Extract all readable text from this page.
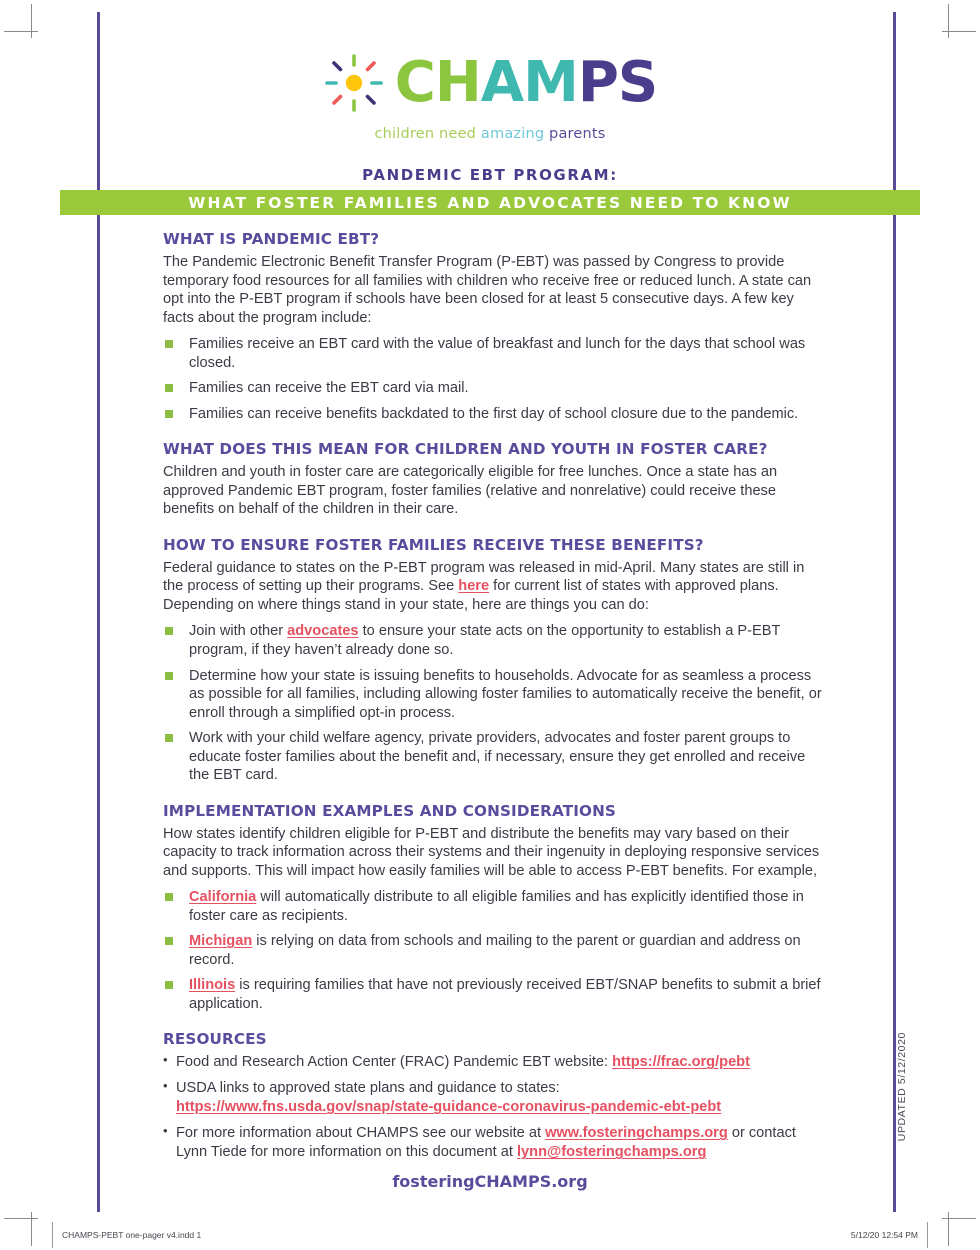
CHAMPS
children need amazing parents
PANDEMIC EBT PROGRAM:
WHAT FOSTER FAMILIES AND ADVOCATES NEED TO KNOW
WHAT IS PANDEMIC EBT?

The Pandemic Electronic Benefit Transfer Program (P-EBT) was passed by Congress to provide temporary food resources for all families with children who receive free or reduced lunch. A state can opt into the P-EBT program if schools have been closed for at least 5 consecutive days. A few key facts about the program include:

Families receive an EBT card with the value of breakfast and lunch for the days that school was closed.
Families can receive the EBT card via mail.
Families can receive benefits backdated to the first day of school closure due to the pandemic.
WHAT DOES THIS MEAN FOR CHILDREN AND YOUTH IN FOSTER CARE?

Children and youth in foster care are categorically eligible for free lunches. Once a state has an approved Pandemic EBT program, foster families (relative and nonrelative) could receive these benefits on behalf of the children in their care.

HOW TO ENSURE FOSTER FAMILIES RECEIVE THESE BENEFITS?

Federal guidance to states on the P-EBT program was released in mid-April. Many states are still in the process of setting up their programs. See here for current list of states with approved plans. Depending on where things stand in your state, here are things you can do:

Join with other advocates to ensure your state acts on the opportunity to establish a P-EBT program, if they haven’t already done so.
Determine how your state is issuing benefits to households. Advocate for as seamless a process as possible for all families, including allowing foster families to automatically receive the benefit, or enroll through a simplified opt-in process.
Work with your child welfare agency, private providers, advocates and foster parent groups to educate foster families about the benefit and, if necessary, ensure they get enrolled and receive the EBT card.
IMPLEMENTATION EXAMPLES AND CONSIDERATIONS

How states identify children eligible for P-EBT and distribute the benefits may vary based on their capacity to track information across their systems and their ingenuity in deploying responsive services and supports. This will impact how easily families will be able to access P-EBT benefits. For example,

California will automatically distribute to all eligible families and has explicitly identified those in foster care as recipients.
Michigan is relying on data from schools and mailing to the parent or guardian and address on record.
Illinois is requiring families that have not previously received EBT/SNAP benefits to submit a brief application.
RESOURCES
• Food and Research Action Center (FRAC) Pandemic EBT website: https://frac.org/pebt
• USDA links to approved state plans and guidance to states:
https://www.fns.usda.gov/snap/state-guidance-coronavirus-pandemic-ebt-pebt
• For more information about CHAMPS see our website at www.fosteringchamps.org or contact Lynn Tiede for more information on this document at lynn@fosteringchamps.org
UPDATED 5/12/2020
fosteringCHAMPS.org
CHAMPS-PEBT one-pager v4.indd 1	5/12/20 12:54 PM
